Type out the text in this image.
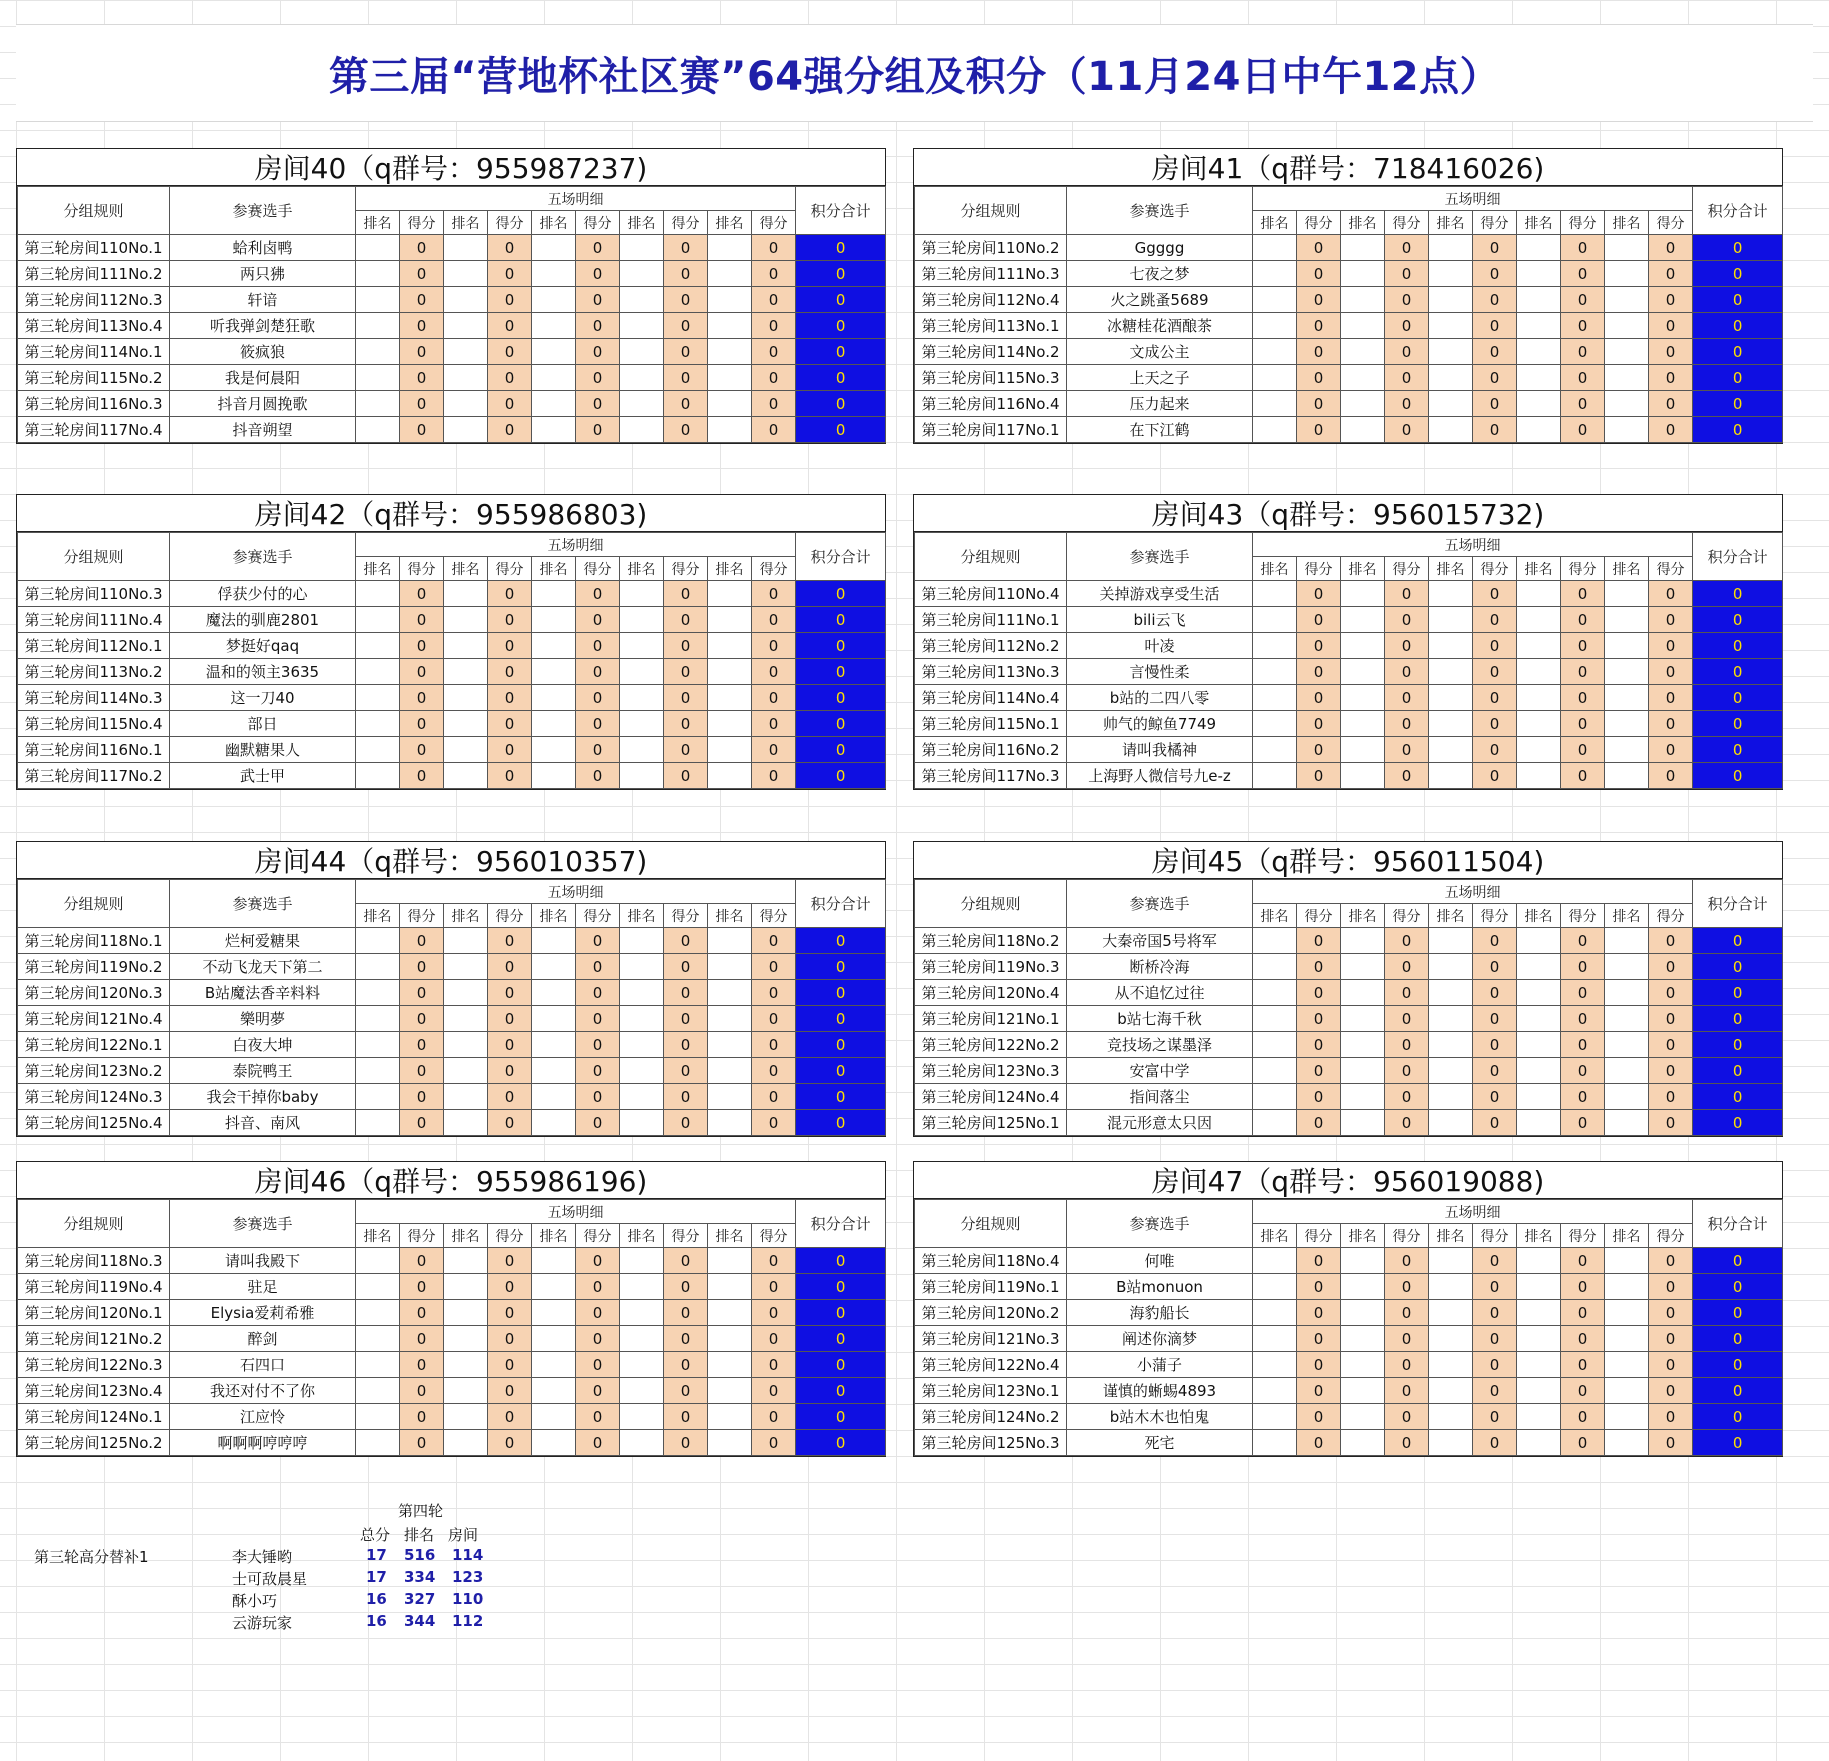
第三届“营地杯社区赛”64强分组及积分（11月24日中午12点）
房间40（q群号：955987237)
分组规则	参赛选手	五场明细										积分合计
		排名	得分	排名	得分	排名	得分	排名	得分	排名	得分	
第三轮房间110No.1	蛤利卤鸭		0		0		0		0		0	0
第三轮房间111No.2	两只狒		0		0		0		0		0	0
第三轮房间112No.3	轩谙		0		0		0		0		0	0
第三轮房间113No.4	听我弹剑楚狂歌		0		0		0		0		0	0
第三轮房间114No.1	筱疯狼		0		0		0		0		0	0
第三轮房间115No.2	我是何晨阳		0		0		0		0		0	0
第三轮房间116No.3	抖音月圆挽歌		0		0		0		0		0	0
第三轮房间117No.4	抖音朔望		0		0		0		0		0	0
房间41（q群号：718416026)
分组规则	参赛选手	五场明细										积分合计
		排名	得分	排名	得分	排名	得分	排名	得分	排名	得分	
第三轮房间110No.2	Ggggg		0		0		0		0		0	0
第三轮房间111No.3	七夜之梦		0		0		0		0		0	0
第三轮房间112No.4	火之跳蚤5689		0		0		0		0		0	0
第三轮房间113No.1	冰糖桂花酒酿茶		0		0		0		0		0	0
第三轮房间114No.2	文成公主		0		0		0		0		0	0
第三轮房间115No.3	上天之子		0		0		0		0		0	0
第三轮房间116No.4	压力起来		0		0		0		0		0	0
第三轮房间117No.1	在下江鹤		0		0		0		0		0	0
房间42（q群号：955986803)
分组规则	参赛选手	五场明细										积分合计
		排名	得分	排名	得分	排名	得分	排名	得分	排名	得分	
第三轮房间110No.3	俘获少付的心		0		0		0		0		0	0
第三轮房间111No.4	魔法的驯鹿2801		0		0		0		0		0	0
第三轮房间112No.1	梦挺好qaq		0		0		0		0		0	0
第三轮房间113No.2	温和的领主3635		0		0		0		0		0	0
第三轮房间114No.3	这一刀40		0		0		0		0		0	0
第三轮房间115No.4	部日		0		0		0		0		0	0
第三轮房间116No.1	幽默糖果人		0		0		0		0		0	0
第三轮房间117No.2	武士甲		0		0		0		0		0	0
房间43（q群号：956015732)
分组规则	参赛选手	五场明细										积分合计
		排名	得分	排名	得分	排名	得分	排名	得分	排名	得分	
第三轮房间110No.4	关掉游戏享受生活		0		0		0		0		0	0
第三轮房间111No.1	bili云飞		0		0		0		0		0	0
第三轮房间112No.2	叶凌		0		0		0		0		0	0
第三轮房间113No.3	言慢性柔		0		0		0		0		0	0
第三轮房间114No.4	b站的二四八零		0		0		0		0		0	0
第三轮房间115No.1	帅气的鲸鱼7749		0		0		0		0		0	0
第三轮房间116No.2	请叫我橘神		0		0		0		0		0	0
第三轮房间117No.3	上海野人微信号九e-z		0		0		0		0		0	0
房间44（q群号：956010357)
分组规则	参赛选手	五场明细										积分合计
		排名	得分	排名	得分	排名	得分	排名	得分	排名	得分	
第三轮房间118No.1	烂柯爱糖果		0		0		0		0		0	0
第三轮房间119No.2	不动飞龙天下第二		0		0		0		0		0	0
第三轮房间120No.3	B站魔法香辛料料		0		0		0		0		0	0
第三轮房间121No.4	樂明夢		0		0		0		0		0	0
第三轮房间122No.1	白夜大坤		0		0		0		0		0	0
第三轮房间123No.2	泰院鸭王		0		0		0		0		0	0
第三轮房间124No.3	我会干掉你baby		0		0		0		0		0	0
第三轮房间125No.4	抖音、南风		0		0		0		0		0	0
房间45（q群号：956011504)
分组规则	参赛选手	五场明细										积分合计
		排名	得分	排名	得分	排名	得分	排名	得分	排名	得分	
第三轮房间118No.2	大秦帝国5号将军		0		0		0		0		0	0
第三轮房间119No.3	断桥冷海		0		0		0		0		0	0
第三轮房间120No.4	从不追忆过往		0		0		0		0		0	0
第三轮房间121No.1	b站七海千秋		0		0		0		0		0	0
第三轮房间122No.2	竞技场之谋墨泽		0		0		0		0		0	0
第三轮房间123No.3	安富中学		0		0		0		0		0	0
第三轮房间124No.4	指间落尘		0		0		0		0		0	0
第三轮房间125No.1	混元形意太只因		0		0		0		0		0	0
房间46（q群号：955986196)
分组规则	参赛选手	五场明细										积分合计
		排名	得分	排名	得分	排名	得分	排名	得分	排名	得分	
第三轮房间118No.3	请叫我殿下		0		0		0		0		0	0
第三轮房间119No.4	驻足		0		0		0		0		0	0
第三轮房间120No.1	Elysia爱莉希雅		0		0		0		0		0	0
第三轮房间121No.2	醉剑		0		0		0		0		0	0
第三轮房间122No.3	石四口		0		0		0		0		0	0
第三轮房间123No.4	我还对付不了你		0		0		0		0		0	0
第三轮房间124No.1	江应怜		0		0		0		0		0	0
第三轮房间125No.2	啊啊啊哼哼哼		0		0		0		0		0	0
房间47（q群号：956019088)
分组规则	参赛选手	五场明细										积分合计
		排名	得分	排名	得分	排名	得分	排名	得分	排名	得分	
第三轮房间118No.4	何唯		0		0		0		0		0	0
第三轮房间119No.1	B站monuon		0		0		0		0		0	0
第三轮房间120No.2	海豹船长		0		0		0		0		0	0
第三轮房间121No.3	阐述你滴梦		0		0		0		0		0	0
第三轮房间122No.4	小蒲子		0		0		0		0		0	0
第三轮房间123No.1	谨慎的蜥蜴4893		0		0		0		0		0	0
第三轮房间124No.2	b站木木也怕鬼		0		0		0		0		0	0
第三轮房间125No.3	死宅		0		0		0		0		0	0
第四轮
总分 排名 房间
第三轮高分替补1	李大锤哟	17 516 114
士可敌晨星	17 334 123
酥小巧	16 327 110
云游玩家	16 344 112
